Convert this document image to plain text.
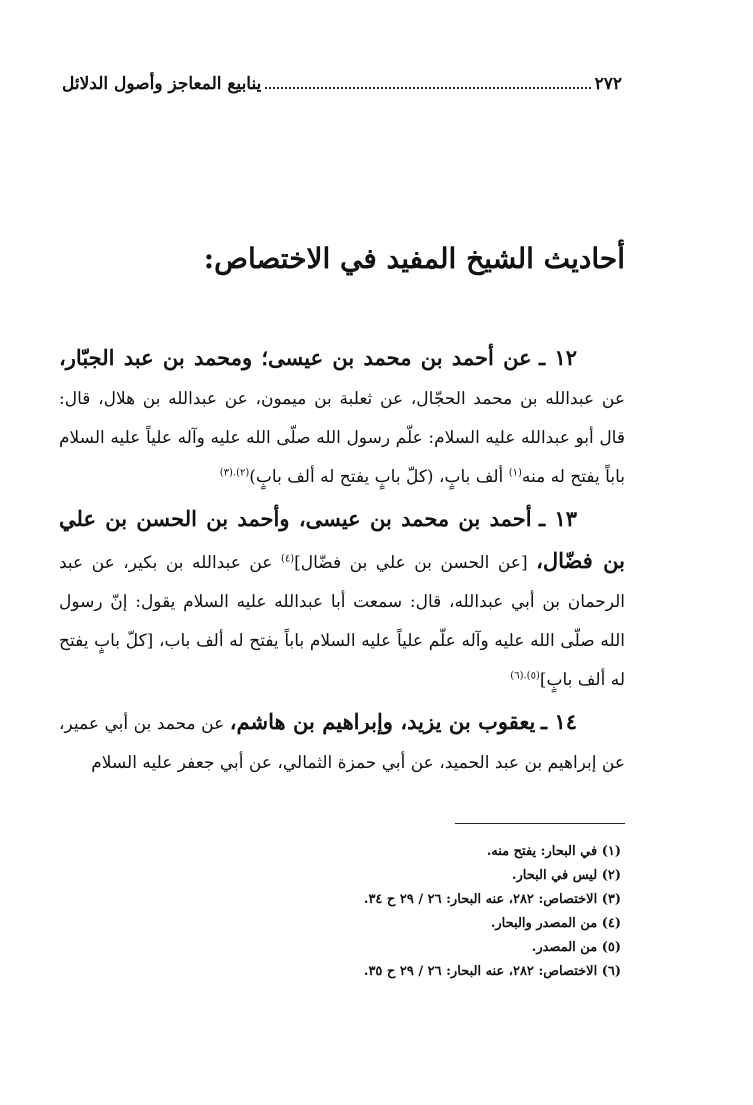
٢٧٢
ينابيع المعاجز وأصول الدلائل
أحاديث الشيخ المفيد في الاختصاص:

١٢ ـ عن أحمد بن محمد بن عيسى؛ ومحمد بن عبد الجبّار، عن عبدالله بن محمد الحجّال، عن ثعلبة بن ميمون، عن عبدالله بن هلال، قال: قال أبو عبدالله عليه السلام: علّم رسول الله صلّى الله عليه وآله علياً عليه السلام باباً يفتح له منه$^{(١)}$ ألف بابٍ، (كلّ بابٍ يفتح له ألف بابٍ)$^{(٢).(٣)}$

١٣ ـ أحمد بن محمد بن عيسى، وأحمد بن الحسن بن علي بن فضّال، [عن الحسن بن علي بن فضّال]$^{(٤)}$ عن عبدالله بن بكير، عن عبد الرحمان بن أبي عبدالله، قال: سمعت أبا عبدالله عليه السلام يقول: إنّ رسول الله صلّى الله عليه وآله علّم علياً عليه السلام باباً يفتح له ألف باب، [كلّ بابٍ يفتح له ألف بابٍ]$^{(٥).(٦)}$

١٤ ـ يعقوب بن يزيد، وإبراهيم بن هاشم، عن محمد بن أبي عمير، عن إبراهيم بن عبد الحميد، عن أبي حمزة الثمالي، عن أبي جعفر عليه السلام

(١) في البحار: يفتح منه.
(٢) ليس في البحار.
(٣) الاختصاص: ٢٨٢، عنه البحار: ٢٦ / ٢٩ ح ٣٤.
(٤) من المصدر والبحار.
(٥) من المصدر.
(٦) الاختصاص: ٢٨٢، عنه البحار: ٢٦ / ٢٩ ح ٣٥.
